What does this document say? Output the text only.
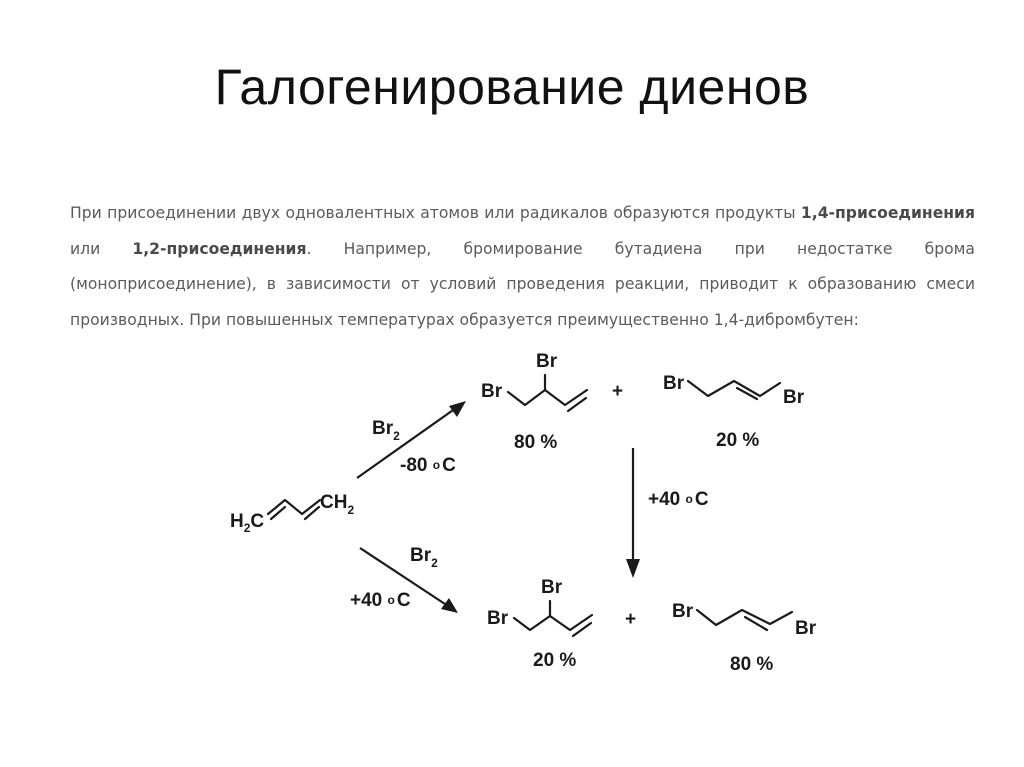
Галогенирование диенов
При присоединении двух одновалентных атомов или радикалов образуются продукты 1,4-присоединения или 1,2-присоединения. Например, бромирование бутадиена при недостатке брома (монoприсоединение), в зависимости от условий проведения реакции, приводит к образованию смеси производных. При повышенных температурах образуется преимущественно 1,4-дибромбутен:
$H_2C$
$CH_2$
$Br_2$
-80 o C
$Br_2$
+40 o C
Br
Br
+
80 %
Br
Br
20 %
+40 o C
Br
Br
+
20 %
Br
Br
80 %
